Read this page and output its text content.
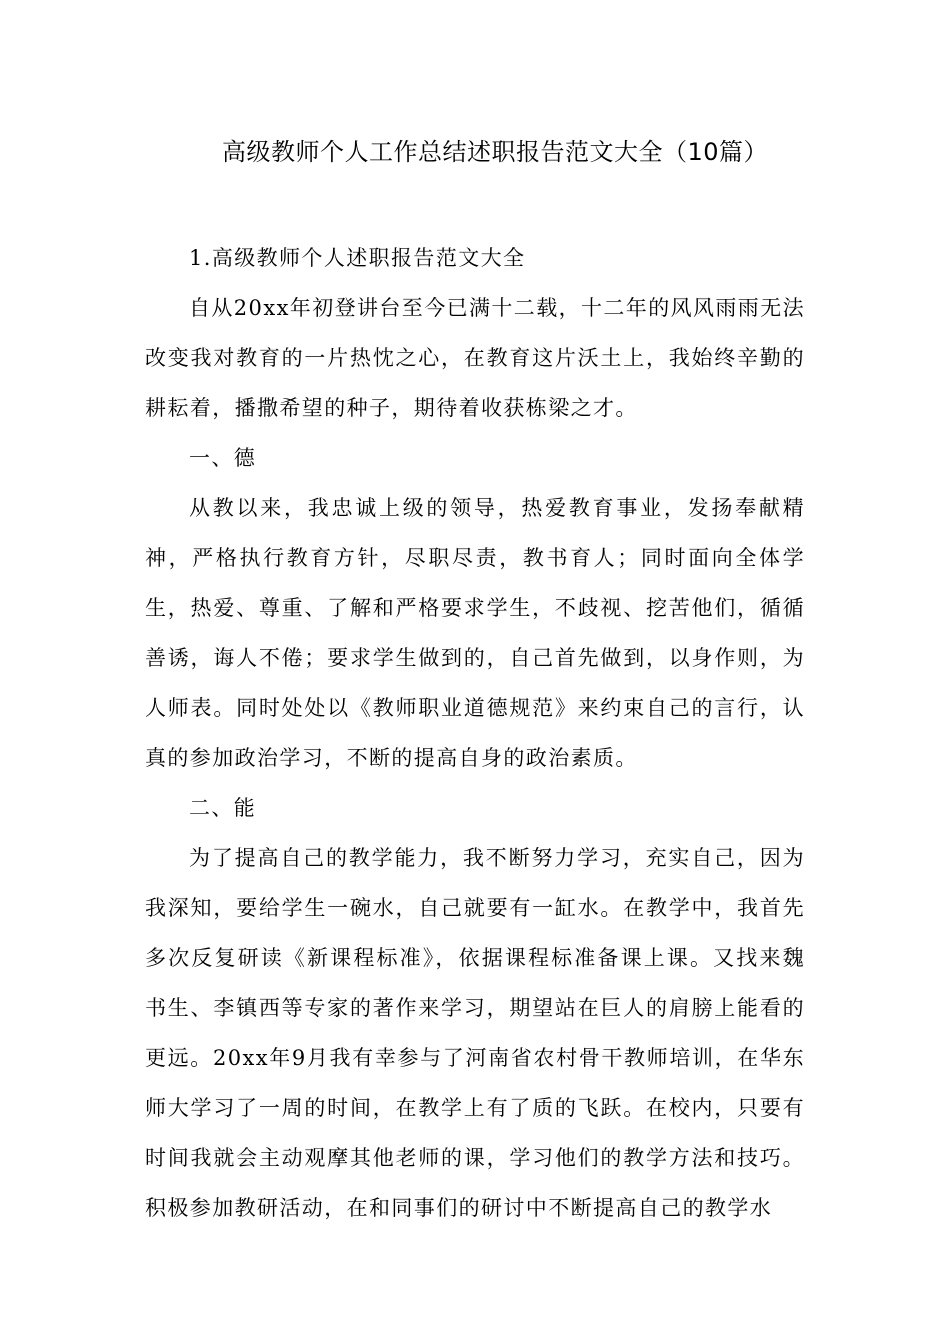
高级教师个人工作总结述职报告范文大全（10篇）

1.高级教师个人述职报告范文大全

自从20xx年初登讲台至今已满十二载，十二年的风风雨雨无法改变我对教育的一片热忱之心，在教育这片沃土上，我始终辛勤的耕耘着，播撒希望的种子，期待着收获栋梁之才。

一、德

从教以来，我忠诚上级的领导，热爱教育事业，发扬奉献精神，严格执行教育方针，尽职尽责，教书育人；同时面向全体学生，热爱、尊重、了解和严格要求学生，不歧视、挖苦他们，循循善诱，诲人不倦；要求学生做到的，自己首先做到，以身作则，为人师表。同时处处以《教师职业道德规范》来约束自己的言行，认真的参加政治学习，不断的提高自身的政治素质。

二、能

为了提高自己的教学能力，我不断努力学习，充实自己，因为我深知，要给学生一碗水，自己就要有一缸水。在教学中，我首先多次反复研读《新课程标准》，依据课程标准备课上课。又找来魏书生、李镇西等专家的著作来学习，期望站在巨人的肩膀上能看的更远。20xx年9月我有幸参与了河南省农村骨干教师培训，在华东师大学习了一周的时间，在教学上有了质的飞跃。在校内，只要有时间我就会主动观摩其他老师的课，学习他们的教学方法和技巧。积极参加教研活动，在和同事们的研讨中不断提高自己的教学水
